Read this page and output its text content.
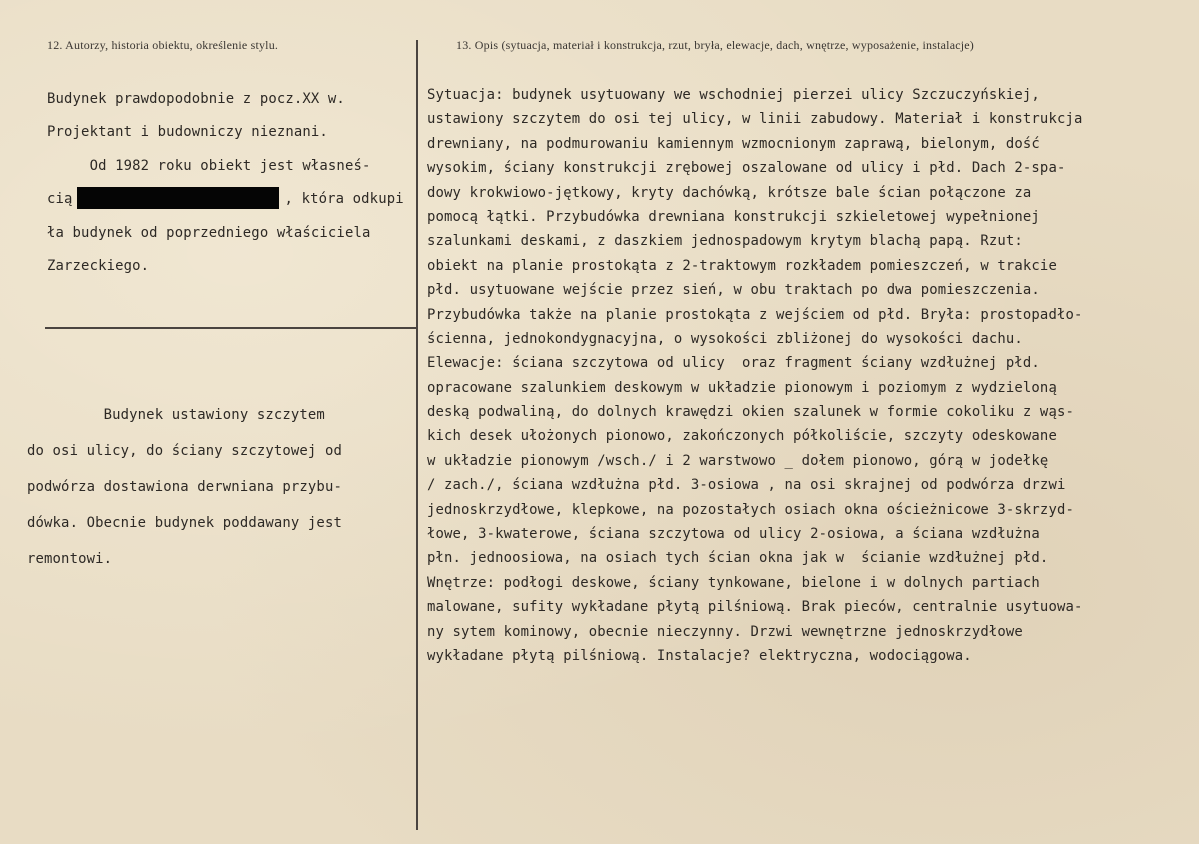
12. Autorzy, historia obiektu, określenie stylu.	13. Opis (sytuacja, materiał i konstrukcja, rzut, bryła, elewacje, dach, wnętrze, wyposażenie, instalacje)
Budynek prawdopodobnie z pocz.XX w.
Projektant i budowniczy nieznani.
Od 1982 roku obiekt jest własneś-
cią	, która odkupi
ła budynek od poprzedniego właściciela
Zarzeckiego.
Budynek ustawiony szczytem
do osi ulicy, do ściany szczytowej od
podwórza dostawiona derwniana przybu-
dówka. Obecnie budynek poddawany jest
remontowi.
Sytuacja: budynek usytuowany we wschodniej pierzei ulicy Szczuczyńskiej,
ustawiony szczytem do osi tej ulicy, w linii zabudowy. Materiał i konstrukcja
drewniany, na podmurowaniu kamiennym wzmocnionym zaprawą, bielonym, dość
wysokim, ściany konstrukcji zrębowej oszalowane od ulicy i płd. Dach 2-spa-
dowy krokwiowo-jętkowy, kryty dachówką, krótsze bale ścian połączone za
pomocą łątki. Przybudówka drewniana konstrukcji szkieletowej wypełnionej
szalunkami deskami, z daszkiem jednospadowym krytym blachą papą. Rzut:
obiekt na planie prostokąta z 2-traktowym rozkładem pomieszczeń, w trakcie
płd. usytuowane wejście przez sień, w obu traktach po dwa pomieszczenia.
Przybudówka także na planie prostokąta z wejściem od płd. Bryła: prostopadło-
ścienna, jednokondygnacyjna, o wysokości zbliżonej do wysokości dachu.
Elewacje: ściana szczytowa od ulicy  oraz fragment ściany wzdłużnej płd.
opracowane szalunkiem deskowym w układzie pionowym i poziomym z wydzieloną
deską podwaliną, do dolnych krawędzi okien szalunek w formie cokoliku z wąs-
kich desek ułożonych pionowo, zakończonych półkoliście, szczyty odeskowane
w układzie pionowym /wsch./ i 2 warstwowo _ dołem pionowo, górą w jodełkę
/ zach./, ściana wzdłużna płd. 3-osiowa , na osi skrajnej od podwórza drzwi
jednoskrzydłowe, klepkowe, na pozostałych osiach okna ościeżnicowe 3-skrzyd-
łowe, 3-kwaterowe, ściana szczytowa od ulicy 2-osiowa, a ściana wzdłużna
płn. jednoosiowa, na osiach tych ścian okna jak w  ścianie wzdłużnej płd.
Wnętrze: podłogi deskowe, ściany tynkowane, bielone i w dolnych partiach
malowane, sufity wykładane płytą pilśniową. Brak pieców, centralnie usytuowa-
ny sytem kominowy, obecnie nieczynny. Drzwi wewnętrzne jednoskrzydłowe
wykładane płytą pilśniową. Instalacje? elektryczna, wodociągowa.
